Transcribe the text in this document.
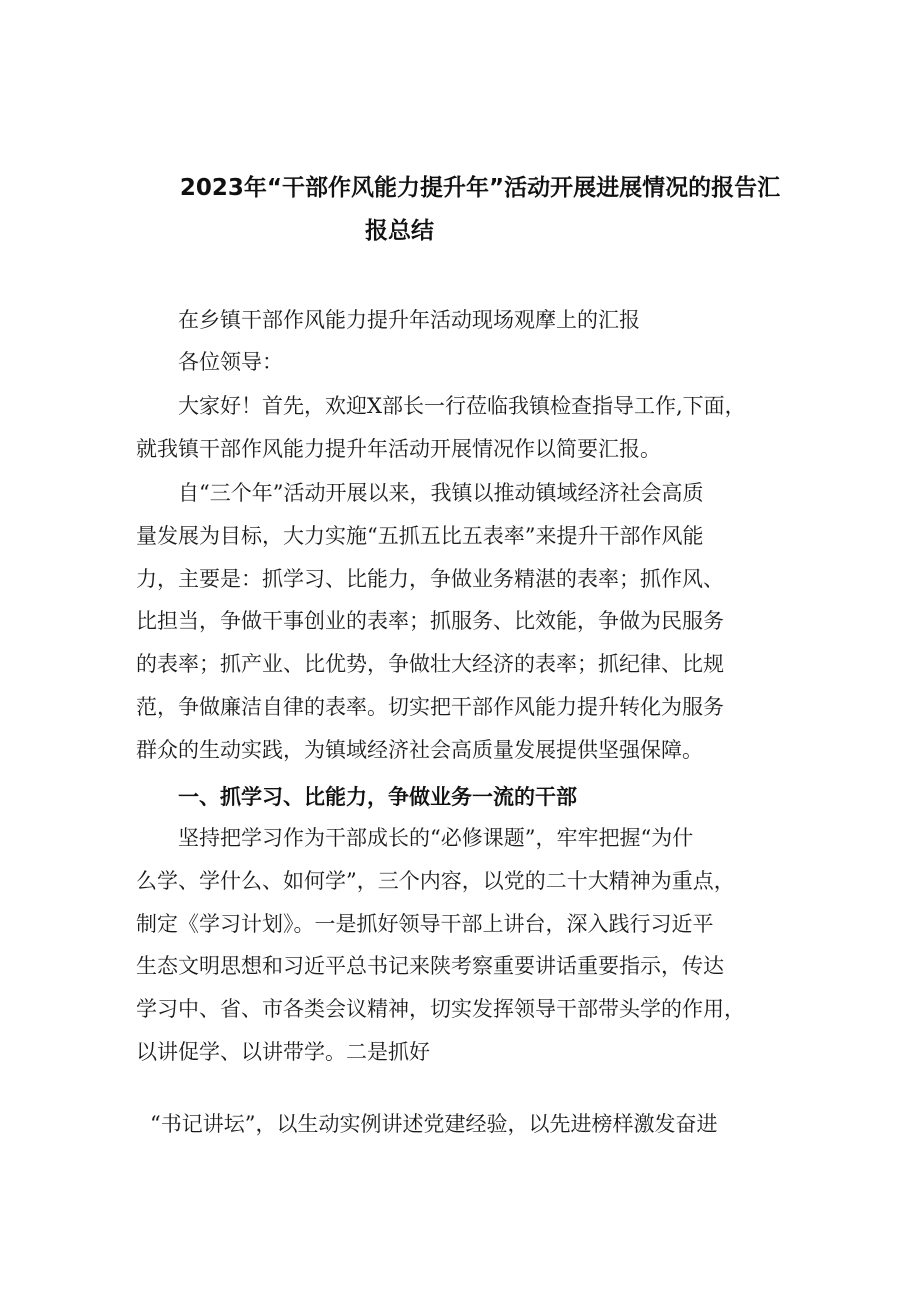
2023年“干部作风能力提升年”活动开展进展情况的报告汇
报总结
在乡镇干部作风能力提升年活动现场观摩上的汇报
各位领导：
大家好！首先，欢迎X部长一行莅临我镇检查指导工作,下面，
就我镇干部作风能力提升年活动开展情况作以简要汇报。
自“三个年”活动开展以来，我镇以推动镇域经济社会高质
量发展为目标，大力实施“五抓五比五表率”来提升干部作风能
力，主要是：抓学习、比能力，争做业务精湛的表率；抓作风、
比担当，争做干事创业的表率；抓服务、比效能，争做为民服务
的表率；抓产业、比优势，争做壮大经济的表率；抓纪律、比规
范，争做廉洁自律的表率。切实把干部作风能力提升转化为服务
群众的生动实践，为镇域经济社会高质量发展提供坚强保障。
一、抓学习、比能力，争做业务一流的干部
坚持把学习作为干部成长的“必修课题”，牢牢把握“为什
么学、学什么、如何学”，三个内容，以党的二十大精神为重点，
制定《学习计划》。一是抓好领导干部上讲台，深入践行习近平
生态文明思想和习近平总书记来陕考察重要讲话重要指示，传达
学习中、省、市各类会议精神，切实发挥领导干部带头学的作用，
以讲促学、以讲带学。二是抓好
“书记讲坛”，以生动实例讲述党建经验，以先进榜样激发奋进
